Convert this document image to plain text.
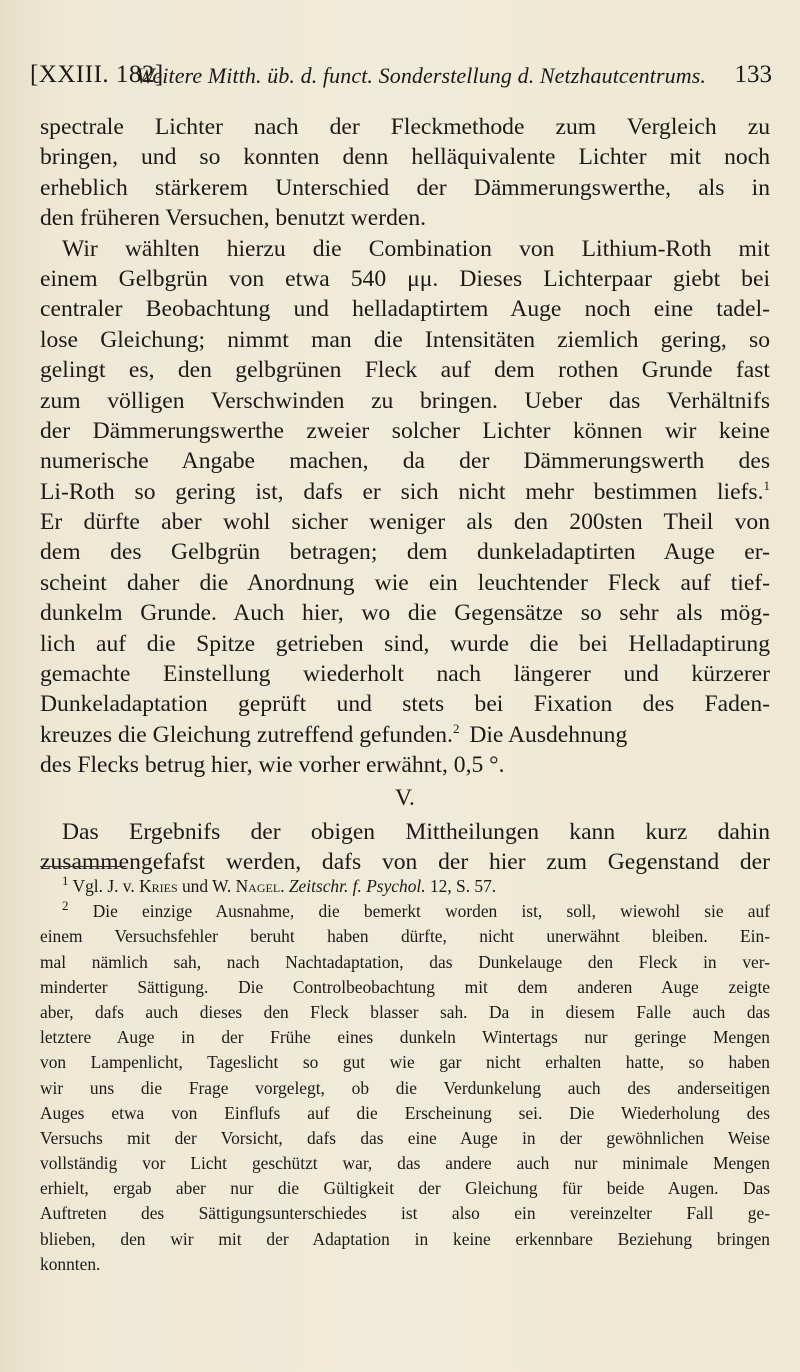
[XXIII. 182]
Weitere Mitth. üb. d. funct. Sonderstellung d. Netzhautcentrums. 133
spectrale Lichter nach der Fleckmethode zum Vergleich zu
bringen, und so konnten denn helläquivalente Lichter mit noch
erheblich stärkerem Unterschied der Dämmerungswerthe, als in
den früheren Versuchen, benutzt werden.
Wir wählten hierzu die Combination von Lithium-Roth mit
einem Gelbgrün von etwa 540 μμ. Dieses Lichterpaar giebt bei
centraler Beobachtung und helladaptirtem Auge noch eine tadel-
lose Gleichung; nimmt man die Intensitäten ziemlich gering, so
gelingt es, den gelbgrünen Fleck auf dem rothen Grunde fast
zum völligen Verschwinden zu bringen. Ueber das Verhältnifs
der Dämmerungswerthe zweier solcher Lichter können wir keine
numerische Angabe machen, da der Dämmerungswerth des
Li-Roth so gering ist, dafs er sich nicht mehr bestimmen liefs.$^1$
Er dürfte aber wohl sicher weniger als den 200sten Theil von
dem des Gelbgrün betragen; dem dunkeladaptirten Auge er-
scheint daher die Anordnung wie ein leuchtender Fleck auf tief-
dunkelm Grunde. Auch hier, wo die Gegensätze so sehr als mög-
lich auf die Spitze getrieben sind, wurde die bei Helladaptirung
gemachte Einstellung wiederholt nach längerer und kürzerer
Dunkeladaptation geprüft und stets bei Fixation des Faden-
kreuzes die Gleichung zutreffend gefunden.$^2$ Die Ausdehnung
des Flecks betrug hier, wie vorher erwähnt, 0,5 °.
V.
Das Ergebnifs der obigen Mittheilungen kann kurz dahin
zusammengefafst werden, dafs von der hier zum Gegenstand der
$^1$ Vgl. J. v. Kries und W. Nagel. Zeitschr. f. Psychol. 12, S. 57.
$^2$ Die einzige Ausnahme, die bemerkt worden ist, soll, wiewohl sie auf
einem Versuchsfehler beruht haben dürfte, nicht unerwähnt bleiben. Ein-
mal nämlich sah, nach Nachtadaptation, das Dunkelauge den Fleck in ver-
minderter Sättigung. Die Controlbeobachtung mit dem anderen Auge zeigte
aber, dafs auch dieses den Fleck blasser sah. Da in diesem Falle auch das
letztere Auge in der Frühe eines dunkeln Wintertags nur geringe Mengen
von Lampenlicht, Tageslicht so gut wie gar nicht erhalten hatte, so haben
wir uns die Frage vorgelegt, ob die Verdunkelung auch des anderseitigen
Auges etwa von Einflufs auf die Erscheinung sei. Die Wiederholung des
Versuchs mit der Vorsicht, dafs das eine Auge in der gewöhnlichen Weise
vollständig vor Licht geschützt war, das andere auch nur minimale Mengen
erhielt, ergab aber nur die Gültigkeit der Gleichung für beide Augen. Das
Auftreten des Sättigungsunterschiedes ist also ein vereinzelter Fall ge-
blieben, den wir mit der Adaptation in keine erkennbare Beziehung bringen
konnten.
